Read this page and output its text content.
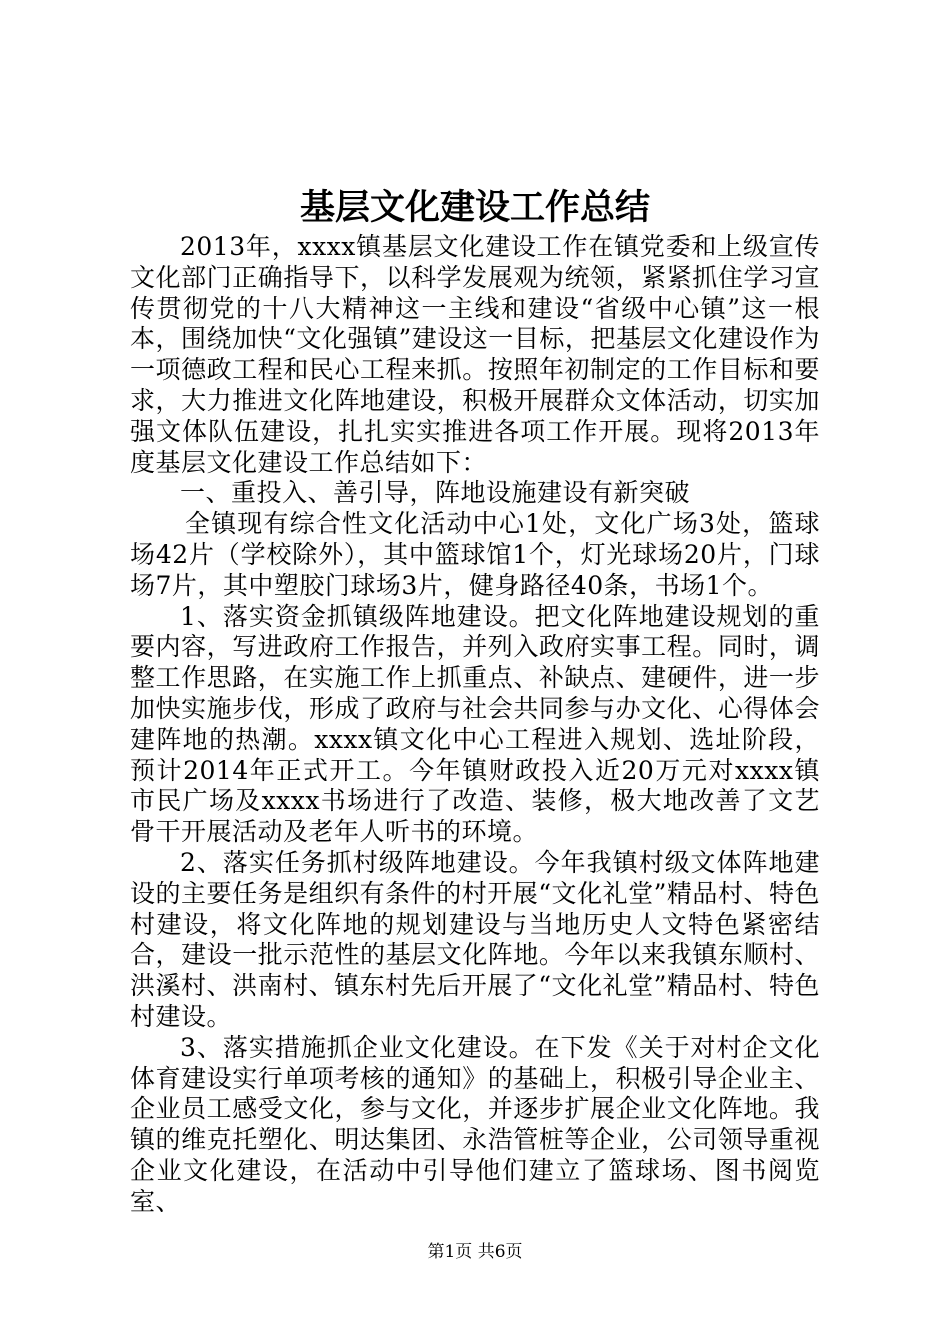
基层文化建设工作总结

2013年，xxxx镇基层文化建设工作在镇党委和上级宣传文化部门正确指导下，以科学发展观为统领，紧紧抓住学习宣传贯彻党的十八大精神这一主线和建设“省级中心镇”这一根本，围绕加快“文化强镇”建设这一目标，把基层文化建设作为一项德政工程和民心工程来抓。按照年初制定的工作目标和要求，大力推进文化阵地建设，积极开展群众文体活动，切实加强文体队伍建设，扎扎实实推进各项工作开展。现将2013年度基层文化建设工作总结如下：

一、重投入、善引导，阵地设施建设有新突破

全镇现有综合性文化活动中心1处，文化广场3处，篮球场42片（学校除外），其中篮球馆1个，灯光球场20片，门球场7片，其中塑胶门球场3片，健身路径40条，书场1个。

1、落实资金抓镇级阵地建设。把文化阵地建设规划的重要内容，写进政府工作报告，并列入政府实事工程。同时，调整工作思路，在实施工作上抓重点、补缺点、建硬件，进一步加快实施步伐，形成了政府与社会共同参与办文化、心得体会建阵地的热潮。xxxx镇文化中心工程进入规划、选址阶段，预计2014年正式开工。今年镇财政投入近20万元对xxxx镇市民广场及xxxx书场进行了改造、装修，极大地改善了文艺骨干开展活动及老年人听书的环境。

2、落实任务抓村级阵地建设。今年我镇村级文体阵地建设的主要任务是组织有条件的村开展“文化礼堂”精品村、特色村建设，将文化阵地的规划建设与当地历史人文特色紧密结合，建设一批示范性的基层文化阵地。今年以来我镇东顺村、洪溪村、洪南村、镇东村先后开展了“文化礼堂”精品村、特色村建设。

3、落实措施抓企业文化建设。在下发《关于对村企文化体育建设实行单项考核的通知》的基础上，积极引导企业主、企业员工感受文化，参与文化，并逐步扩展企业文化阵地。我镇的维克托塑化、明达集团、永浩管桩等企业，公司领导重视企业文化建设，在活动中引导他们建立了篮球场、图书阅览室、

第1页 共6页
